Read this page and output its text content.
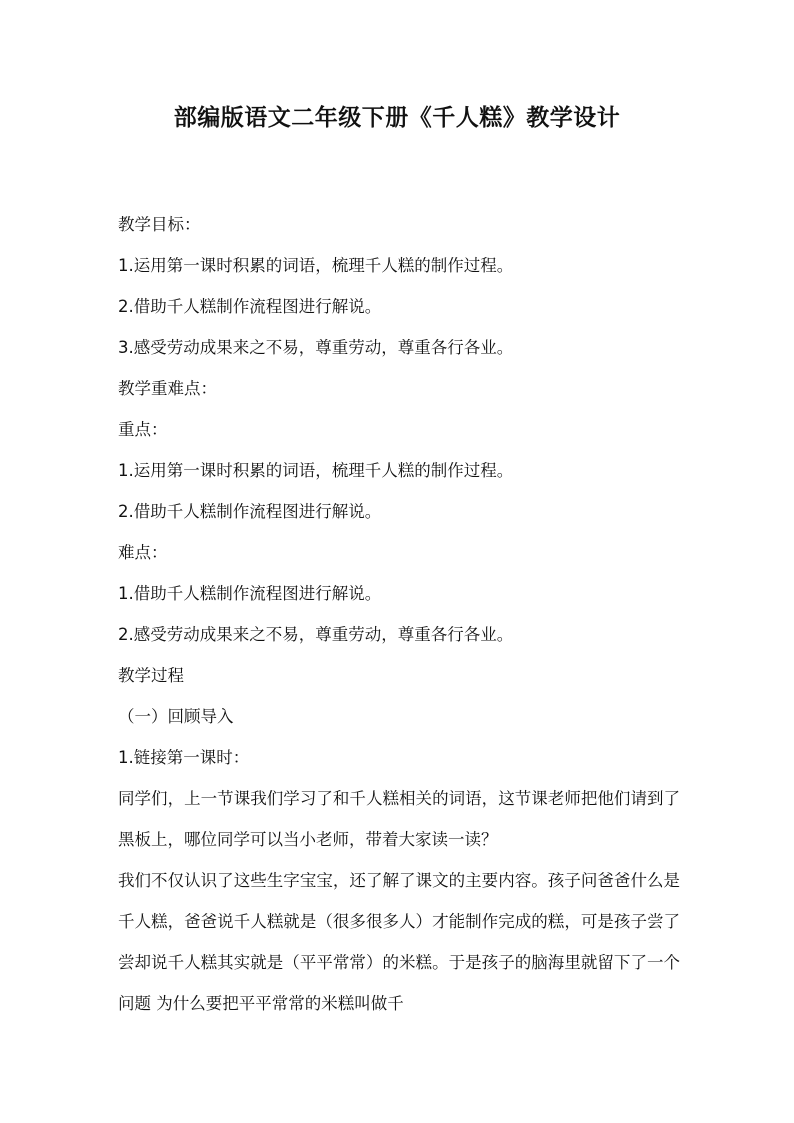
部编版语文二年级下册《千人糕》教学设计

教学目标：

1.运用第一课时积累的词语，梳理千人糕的制作过程。

2.借助千人糕制作流程图进行解说。

3.感受劳动成果来之不易，尊重劳动，尊重各行各业。

教学重难点：

重点：

1.运用第一课时积累的词语，梳理千人糕的制作过程。

2.借助千人糕制作流程图进行解说。

难点：

1.借助千人糕制作流程图进行解说。

2.感受劳动成果来之不易，尊重劳动，尊重各行各业。

教学过程

（一）回顾导入

1.链接第一课时：

同学们，上一节课我们学习了和千人糕相关的词语，这节课老师把他们请到了黑板上，哪位同学可以当小老师，带着大家读一读？

我们不仅认识了这些生字宝宝，还了解了课文的主要内容。孩子问爸爸什么是千人糕，爸爸说千人糕就是（很多很多人）才能制作完成的糕，可是孩子尝了尝却说千人糕其实就是（平平常常）的米糕。于是孩子的脑海里就留下了一个问题 为什么要把平平常常的米糕叫做千
